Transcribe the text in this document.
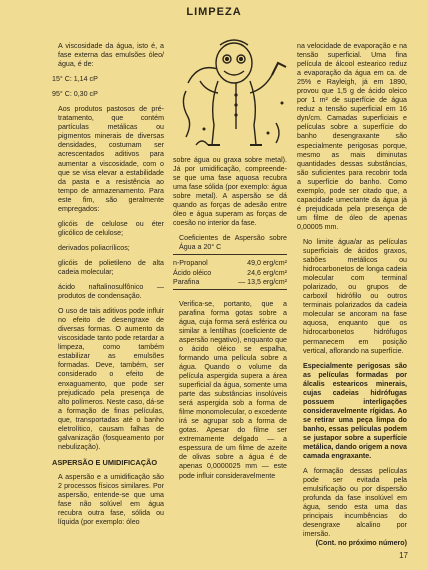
LIMPEZA

A viscosidade da água, isto é, a fase externa das emulsões óleo/água, é de:

15° C: 1,14 cP

95° C: 0,30 cP

Aos produtos pastosos de pré-tratamento, que contém partículas metálicas ou pigmentos minerais de diversas densidades, costumam ser acrescentados aditivos para aumentar a viscosidade, com o que se visa elevar a estabilidade da pasta e a resistência ao tempo de armazenamento. Para este fim, são geralmente empregados:

glicóis de celulose ou éter glicólico de celulose;

derivados poliacrílicos;

glicóis de polietileno de alta cadeia molecular;

ácido naftalinosulfônico — produtos de condensação.

O uso de tais aditivos pode influir no efeito de desengraxe de diversas formas. O aumento da viscosidade tanto pode retardar a limpeza, como também estabilizar as emulsões formadas. Deve, também, ser considerado o efeito de enxaguamento, que pode ser prejudicado pela presença de alto polímeros. Neste caso, dá-se a formação de finas películas, que, transportadas até o banho eletrolítico, causam falhas de galvanização (fosqueamento por nebulização).

ASPERSÃO E UMIDIFICAÇÃO

A aspersão e a umidificação são 2 processos físicos similares. Por aspersão, entende-se que uma fase não solúvel em água recubra outra fase, sólida ou líquida (por exemplo: óleo

sobre água ou graxa sobre metal). Já por umidificação, compreende-se que uma fase aquosa recubra uma fase sólida (por exemplo: água sobre metal). A aspersão se dá quando as forças de adesão entre óleo e água superam as forças de coesão no interior da fase.

Coeficientes de Aspersão sobre Água a 20° C

n-Propanol	49,0 erg/cm²
Ácido oléico	24,6 erg/cm²
Parafina	— 13,5 erg/cm²

Verifica-se, portanto, que a parafina forma gotas sobre a água, cuja forma será esférica ou similar a lentilhas (coeficiente de aspersão negativo), enquanto que o ácido oléico se espalha, formando uma película sobre a água. Quando o volume da película aspergida supera a área superficial da água, somente uma parte das substâncias insolúveis será aspergida sob a forma de filme monomolecular, o excedente irá se agrupar sob a forma de gotas. Apesar do filme ser extremamente delgado — a espessura de um filme de azeite de olivas sobre a água é de apenas 0,0000025 mm — este pode influir consideravelmente

na velocidade de evaporação e na tensão superficial. Uma fina película de álcool estearico reduz a evaporação da água em ca. de 25% e Rayleigh, já em 1890, provou que 1,5 g de ácido oleico por 1 m² de superfície de água reduz a tensão superficial em 16 dyn/cm. Camadas superficiais e películas sobre a superfície do banho desengraxante são especialmente perigosas porque, mesmo as mais diminutas quantidades dessas substâncias, são suficientes para recobrir toda a superfície do banho. Como exemplo, pode ser citado que, a capacidade umectante da água já é prejudicada pela presença de um filme de óleo de apenas 0,00005 mm.

No limite água/ar as películas superficiais de ácidos graxos, sabões metálicos ou hidrocarbonetos de longa cadeia molecular com terminal polarizado, ou grupos de carboxil hidrófilo ou outros terminais polarizados da cadeia molecular se ancoram na fase aquosa, enquanto que os hidrocarbonetos hidrófugos permanecem em posição vertical, aflorando na superfície.

Especialmente perigosas são as películas formadas por álcalis estearicos minerais, cujas cadeias hidrófugas possuem interligações consideravelmente rígidas. Ao se retirar uma peça limpa do banho, essas películas podem se justapor sobre a superfície metálica, dando origem a nova camada engraxante.

A formação dessas películas pode ser evitada pela emulsificação ou por dispersão profunda da fase insolúvel em água, sendo esta uma das principais incumbências do desengraxe alcalino por imersão.

(Cont. no próximo número)

17
